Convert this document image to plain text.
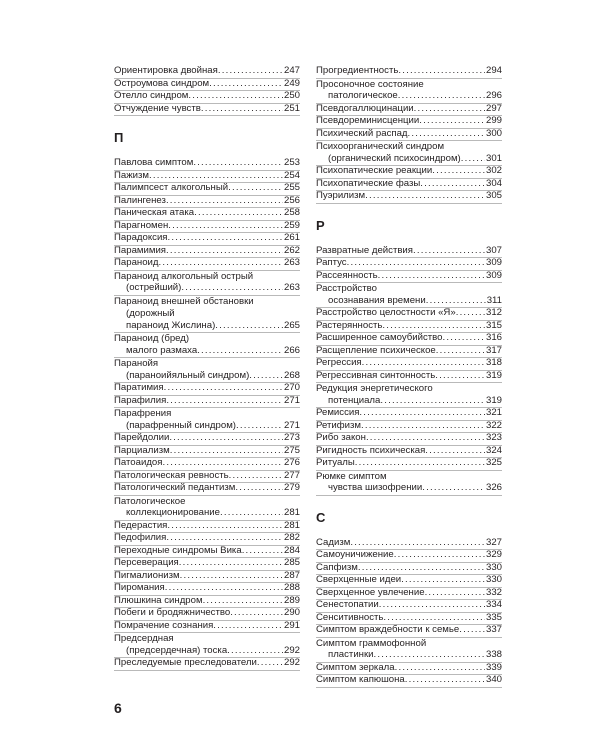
Ориентировка двойная .....	247
Остроумова синдром .....	249
Отелло синдром .....	250
Отчуждение чувств .....	251
П
Павлова симптом .....	253
Пажизм .....	254
Палимпсест алкогольный .....	255
Палингенез .....	256
Паническая атака .....	258
Парагномен .....	259
Парадоксия .....	261
Парамимия .....	262
Параноид .....	263
Параноид алкогольный острый
(острейший) .....	263
Параноид внешней обстановки
(дорожный
параноид Жислина) .....	265
Параноид (бред)
малого размаха .....	266
Паранойя
(параноийяльный синдром) .....	268
Паратимия .....	270
Парафилия .....	271
Парафрения
(парафренный синдром) .....	271
Парейдолии .....	273
Парциализм .....	275
Патоаидоя .....	276
Патологическая ревность .....	277
Патологический педантизм .....	279
Патологическое
коллекционирование .....	281
Педерастия .....	281
Педофилия .....	282
Переходные синдромы Вика .....	284
Персеверация .....	285
Пигмалионизм .....	287
Пиромания .....	288
Плюшкина синдром .....	289
Побеги и бродяжничество .....	290
Помрачение сознания .....	291
Предсердная
(предсердечная) тоска .....	292
Преследуемые преследователи .....	292
Прогредиентность .....	294
Просоночное состояние
патологическое .....	296
Псевдогаллюцинации .....	297
Псевдореминисценции .....	299
Психический распад .....	300
Психоорганический синдром
(органический психосиндром) .....	301
Психопатические реакции .....	302
Психопатические фазы .....	304
Пуэрилизм .....	305
Р
Развратные действия .....	307
Раптус .....	309
Рассеянность .....	309
Расстройство
осознавания времени .....	311
Расстройство целостности «Я» .....	312
Растерянность .....	315
Расширенное самоубийство .....	316
Расщепление психическое .....	317
Регрессия .....	318
Регрессивная синтонность .....	319
Редукция энергетического
потенциала .....	319
Ремиссия .....	321
Ретифизм .....	322
Рибо закон .....	323
Ригидность психическая .....	324
Ритуалы .....	325
Рюмке симптом
чувства шизофрении .....	326
С
Садизм .....	327
Самоуничижение .....	329
Сапфизм .....	330
Сверхценные идеи .....	330
Сверхценное увлечение .....	332
Сенестопатии .....	334
Сенситивность .....	335
Симптом враждебности к семье .....	337
Симптом граммофонной
пластинки .....	338
Симптом зеркала .....	339
Симптом капюшона .....	340
6
